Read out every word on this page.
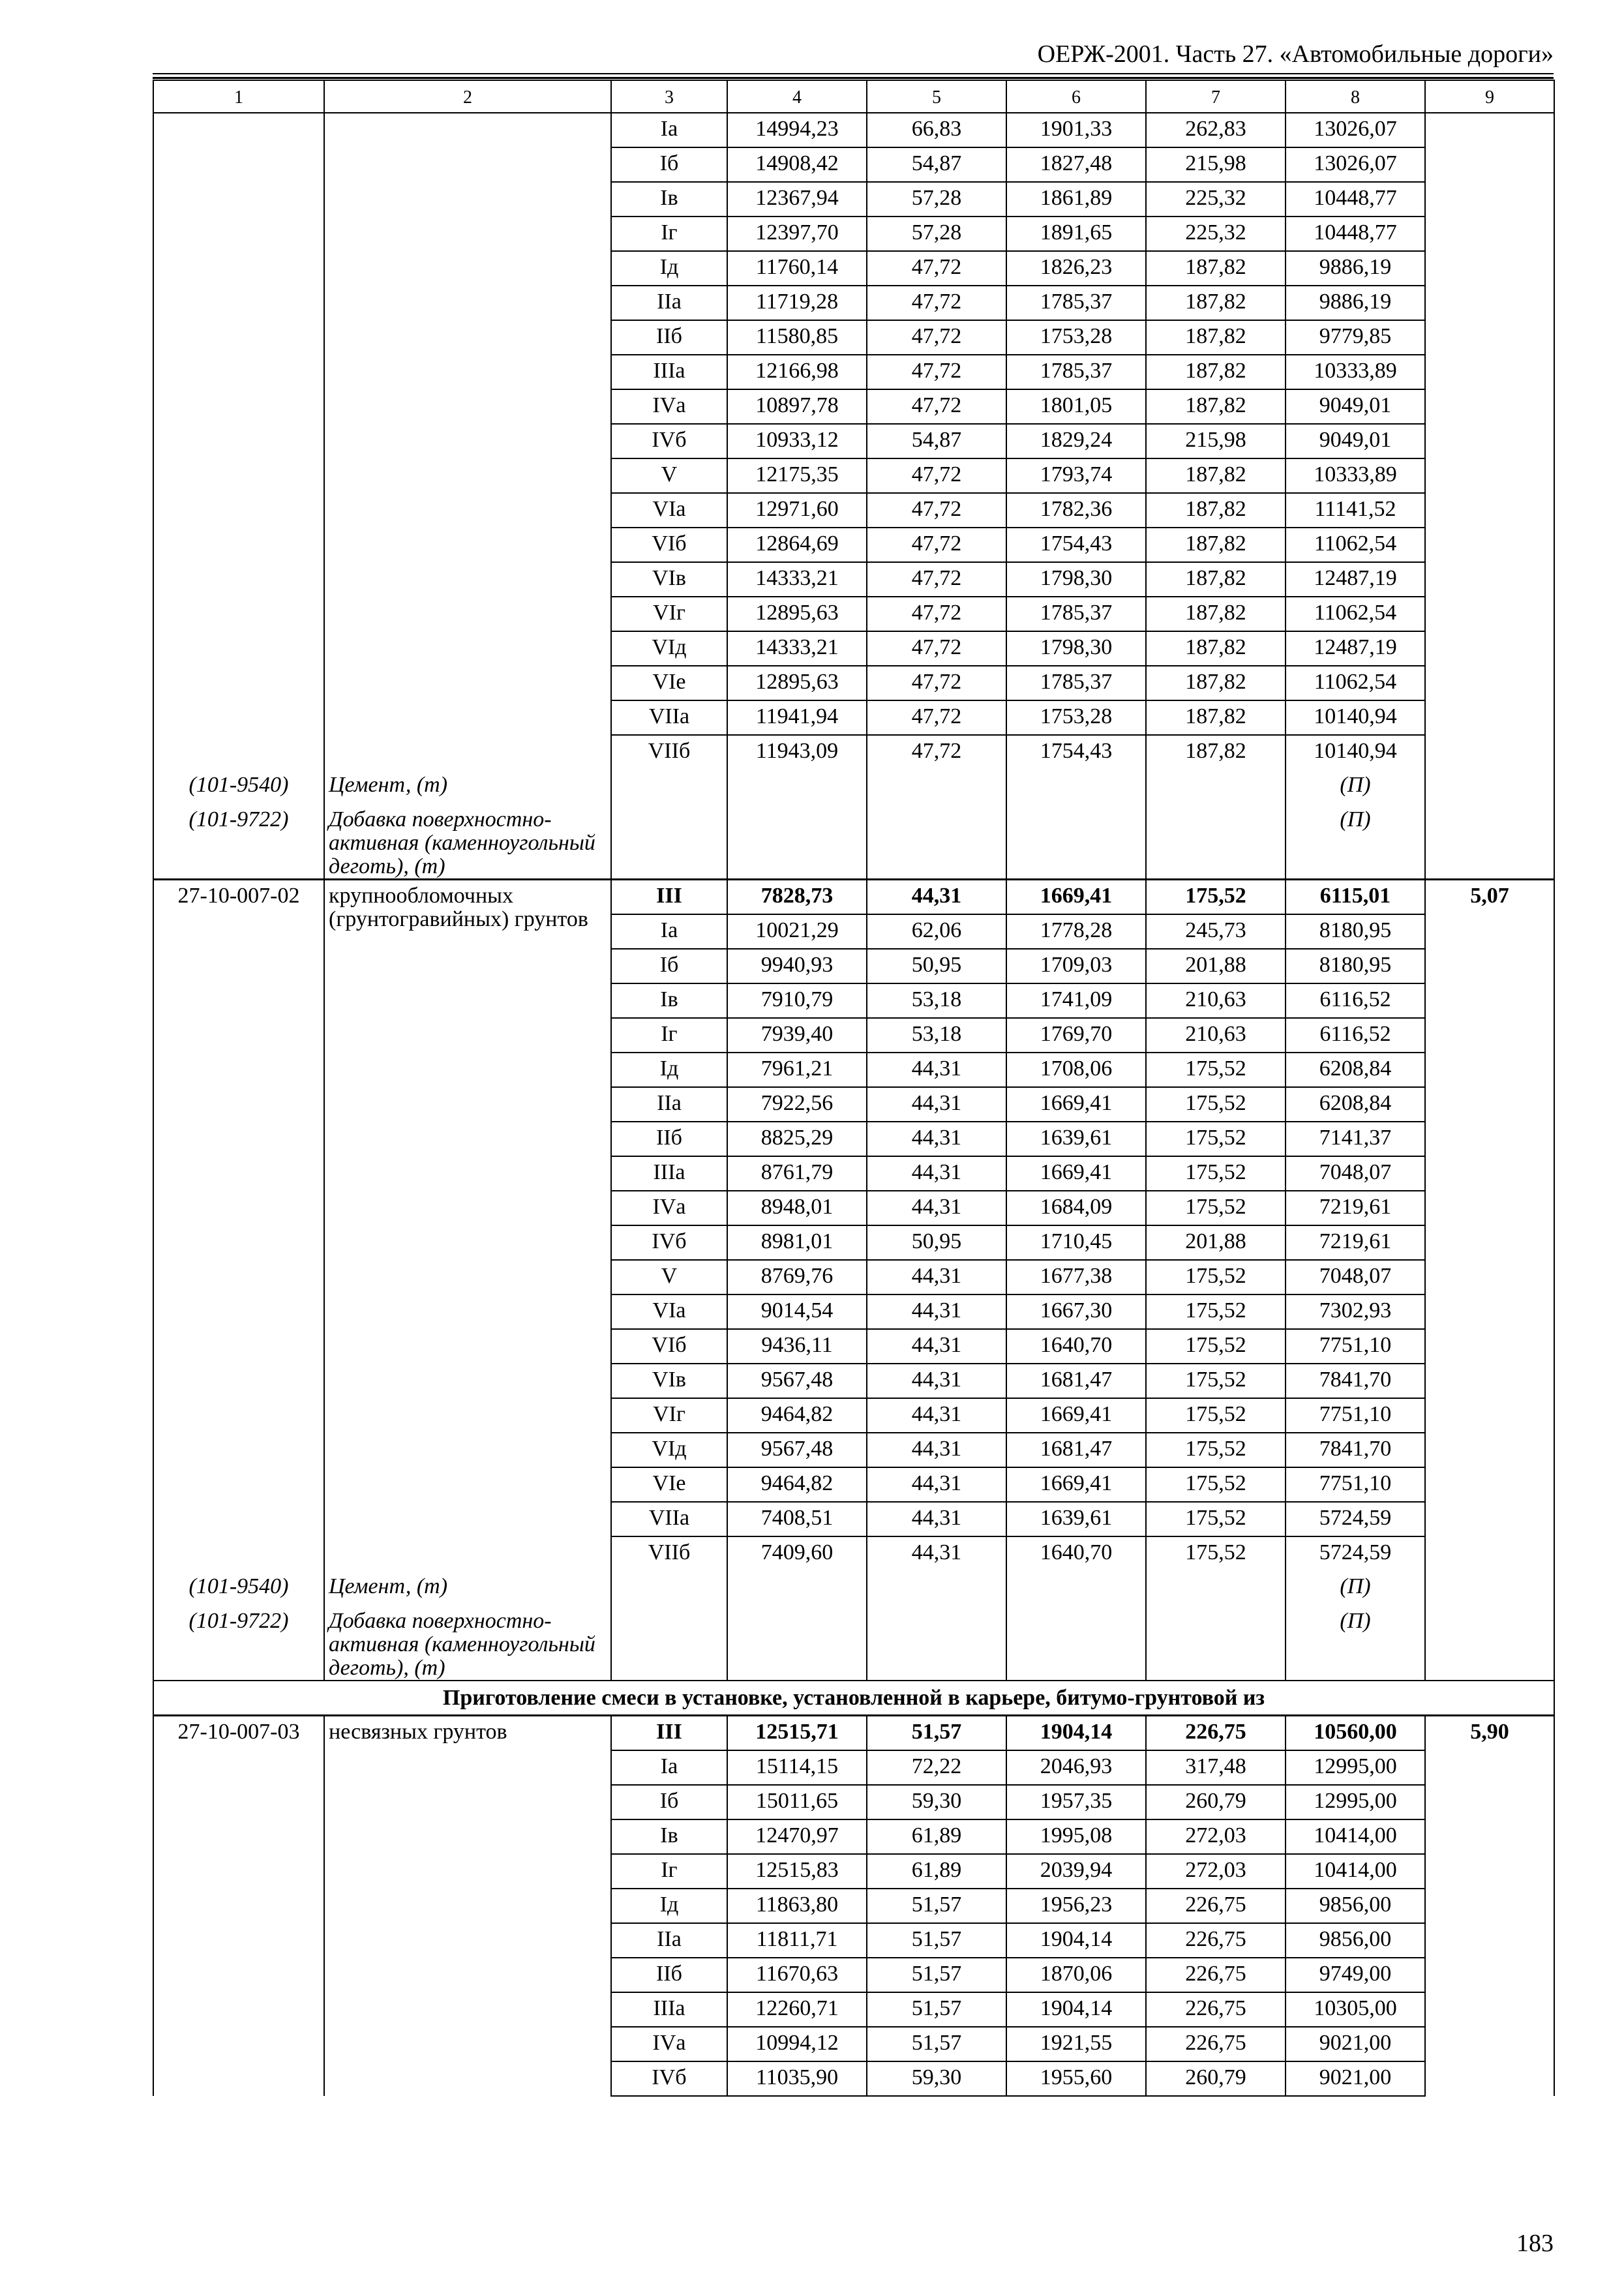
ОЕРЖ-2001. Часть 27. «Автомобильные дороги»
1	2	3	4	5	6	7	8	9
		Iа	14994,23	66,83	1901,33	262,83	13026,07	
		Iб	14908,42	54,87	1827,48	215,98	13026,07	
		Iв	12367,94	57,28	1861,89	225,32	10448,77	
		Iг	12397,70	57,28	1891,65	225,32	10448,77	
		Iд	11760,14	47,72	1826,23	187,82	9886,19	
		IIа	11719,28	47,72	1785,37	187,82	9886,19	
		IIб	11580,85	47,72	1753,28	187,82	9779,85	
		IIIа	12166,98	47,72	1785,37	187,82	10333,89	
		IVа	10897,78	47,72	1801,05	187,82	9049,01	
		IVб	10933,12	54,87	1829,24	215,98	9049,01	
		V	12175,35	47,72	1793,74	187,82	10333,89	
		VIа	12971,60	47,72	1782,36	187,82	11141,52	
		VIб	12864,69	47,72	1754,43	187,82	11062,54	
		VIв	14333,21	47,72	1798,30	187,82	12487,19	
		VIг	12895,63	47,72	1785,37	187,82	11062,54	
		VIд	14333,21	47,72	1798,30	187,82	12487,19	
		VIе	12895,63	47,72	1785,37	187,82	11062,54	
		VIIа	11941,94	47,72	1753,28	187,82	10140,94	
		VIIб	11943,09	47,72	1754,43	187,82	10140,94	
(101-9540)	Цемент, (т)						(П)	
(101-9722)	Добавка поверхностно-активная (каменноугольный деготь), (т)						(П)	
27-10-007-02	крупнообломочных (грунтогравийных) грунтов	III	7828,73	44,31	1669,41	175,52	6115,01	5,07
		Iа	10021,29	62,06	1778,28	245,73	8180,95	
		Iб	9940,93	50,95	1709,03	201,88	8180,95	
		Iв	7910,79	53,18	1741,09	210,63	6116,52	
		Iг	7939,40	53,18	1769,70	210,63	6116,52	
		Iд	7961,21	44,31	1708,06	175,52	6208,84	
		IIа	7922,56	44,31	1669,41	175,52	6208,84	
		IIб	8825,29	44,31	1639,61	175,52	7141,37	
		IIIа	8761,79	44,31	1669,41	175,52	7048,07	
		IVа	8948,01	44,31	1684,09	175,52	7219,61	
		IVб	8981,01	50,95	1710,45	201,88	7219,61	
		V	8769,76	44,31	1677,38	175,52	7048,07	
		VIа	9014,54	44,31	1667,30	175,52	7302,93	
		VIб	9436,11	44,31	1640,70	175,52	7751,10	
		VIв	9567,48	44,31	1681,47	175,52	7841,70	
		VIг	9464,82	44,31	1669,41	175,52	7751,10	
		VIд	9567,48	44,31	1681,47	175,52	7841,70	
		VIе	9464,82	44,31	1669,41	175,52	7751,10	
		VIIа	7408,51	44,31	1639,61	175,52	5724,59	
		VIIб	7409,60	44,31	1640,70	175,52	5724,59	
(101-9540)	Цемент, (т)						(П)	
(101-9722)	Добавка поверхностно-активная (каменноугольный деготь), (т)						(П)	
Приготовление смеси в установке, установленной в карьере, битумо-грунтовой из								
27-10-007-03	несвязных грунтов	III	12515,71	51,57	1904,14	226,75	10560,00	5,90
		Iа	15114,15	72,22	2046,93	317,48	12995,00	
		Iб	15011,65	59,30	1957,35	260,79	12995,00	
		Iв	12470,97	61,89	1995,08	272,03	10414,00	
		Iг	12515,83	61,89	2039,94	272,03	10414,00	
		Iд	11863,80	51,57	1956,23	226,75	9856,00	
		IIа	11811,71	51,57	1904,14	226,75	9856,00	
		IIб	11670,63	51,57	1870,06	226,75	9749,00	
		IIIа	12260,71	51,57	1904,14	226,75	10305,00	
		IVа	10994,12	51,57	1921,55	226,75	9021,00	
		IVб	11035,90	59,30	1955,60	260,79	9021,00	
183
